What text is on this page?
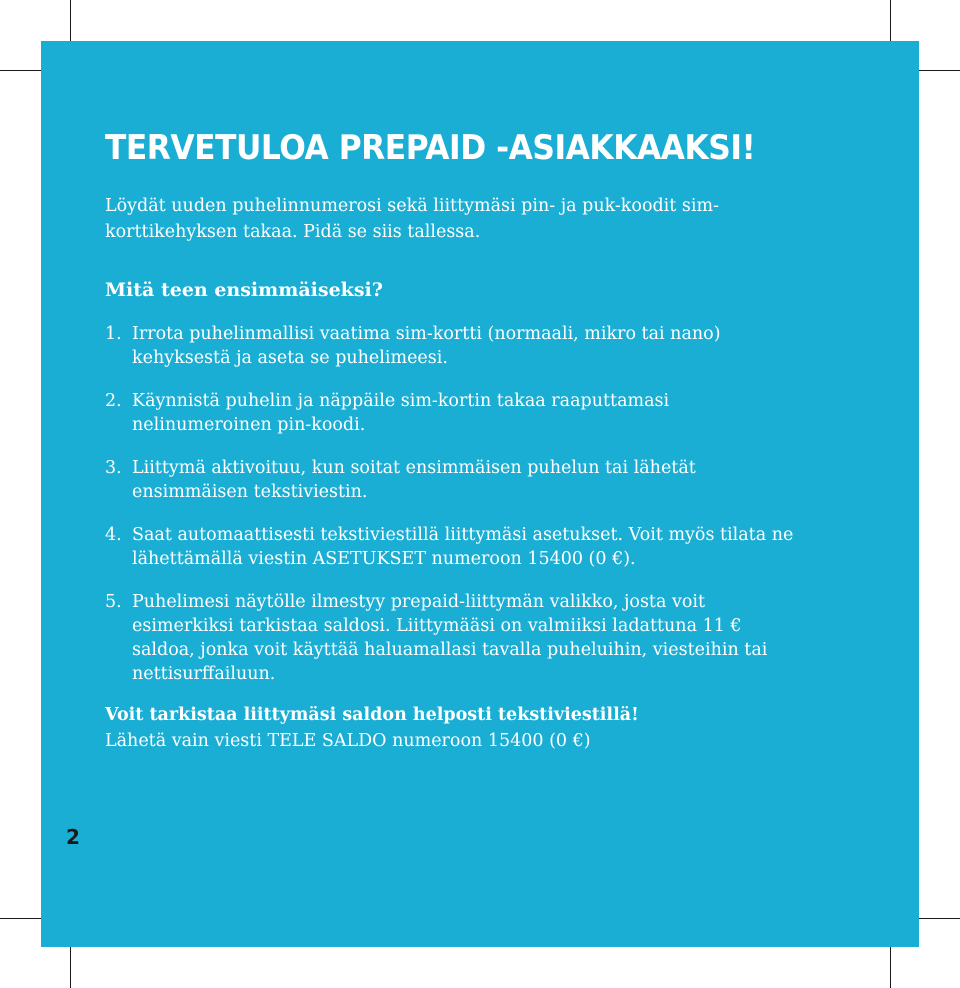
TERVETULOA PREPAID -ASIAKKAAKSI!

Löydät uuden puhelinnumerosi sekä liittymäsi pin- ja puk-koodit sim-korttikehyksen takaa. Pidä se siis tallessa.

Mitä teen ensimmäiseksi?
1. Irrota puhelinmallisi vaatima sim-kortti (normaali, mikro tai nano) kehyksestä ja aseta se puhelimeesi.
2. Käynnistä puhelin ja näppäile sim-kortin takaa raaputtamasi nelinumeroinen pin-koodi.
3. Liittymä aktivoituu, kun soitat ensimmäisen puhelun tai lähetät ensimmäisen tekstiviestin.
4. Saat automaattisesti tekstiviestillä liittymäsi asetukset. Voit myös tilata ne lähettämällä viestin ASETUKSET numeroon 15400 (0 €).
5. Puhelimesi näytölle ilmestyy prepaid-liittymän valikko, josta voit esimerkiksi tarkistaa saldosi. Liittymääsi on valmiiksi ladattuna 11 € saldoa, jonka voit käyttää haluamallasi tavalla puheluihin, viesteihin tai nettisurffailuun.

Voit tarkistaa liittymäsi saldon helposti tekstiviestillä!
Lähetä vain viesti TELE SALDO numeroon 15400 (0 €)

2
